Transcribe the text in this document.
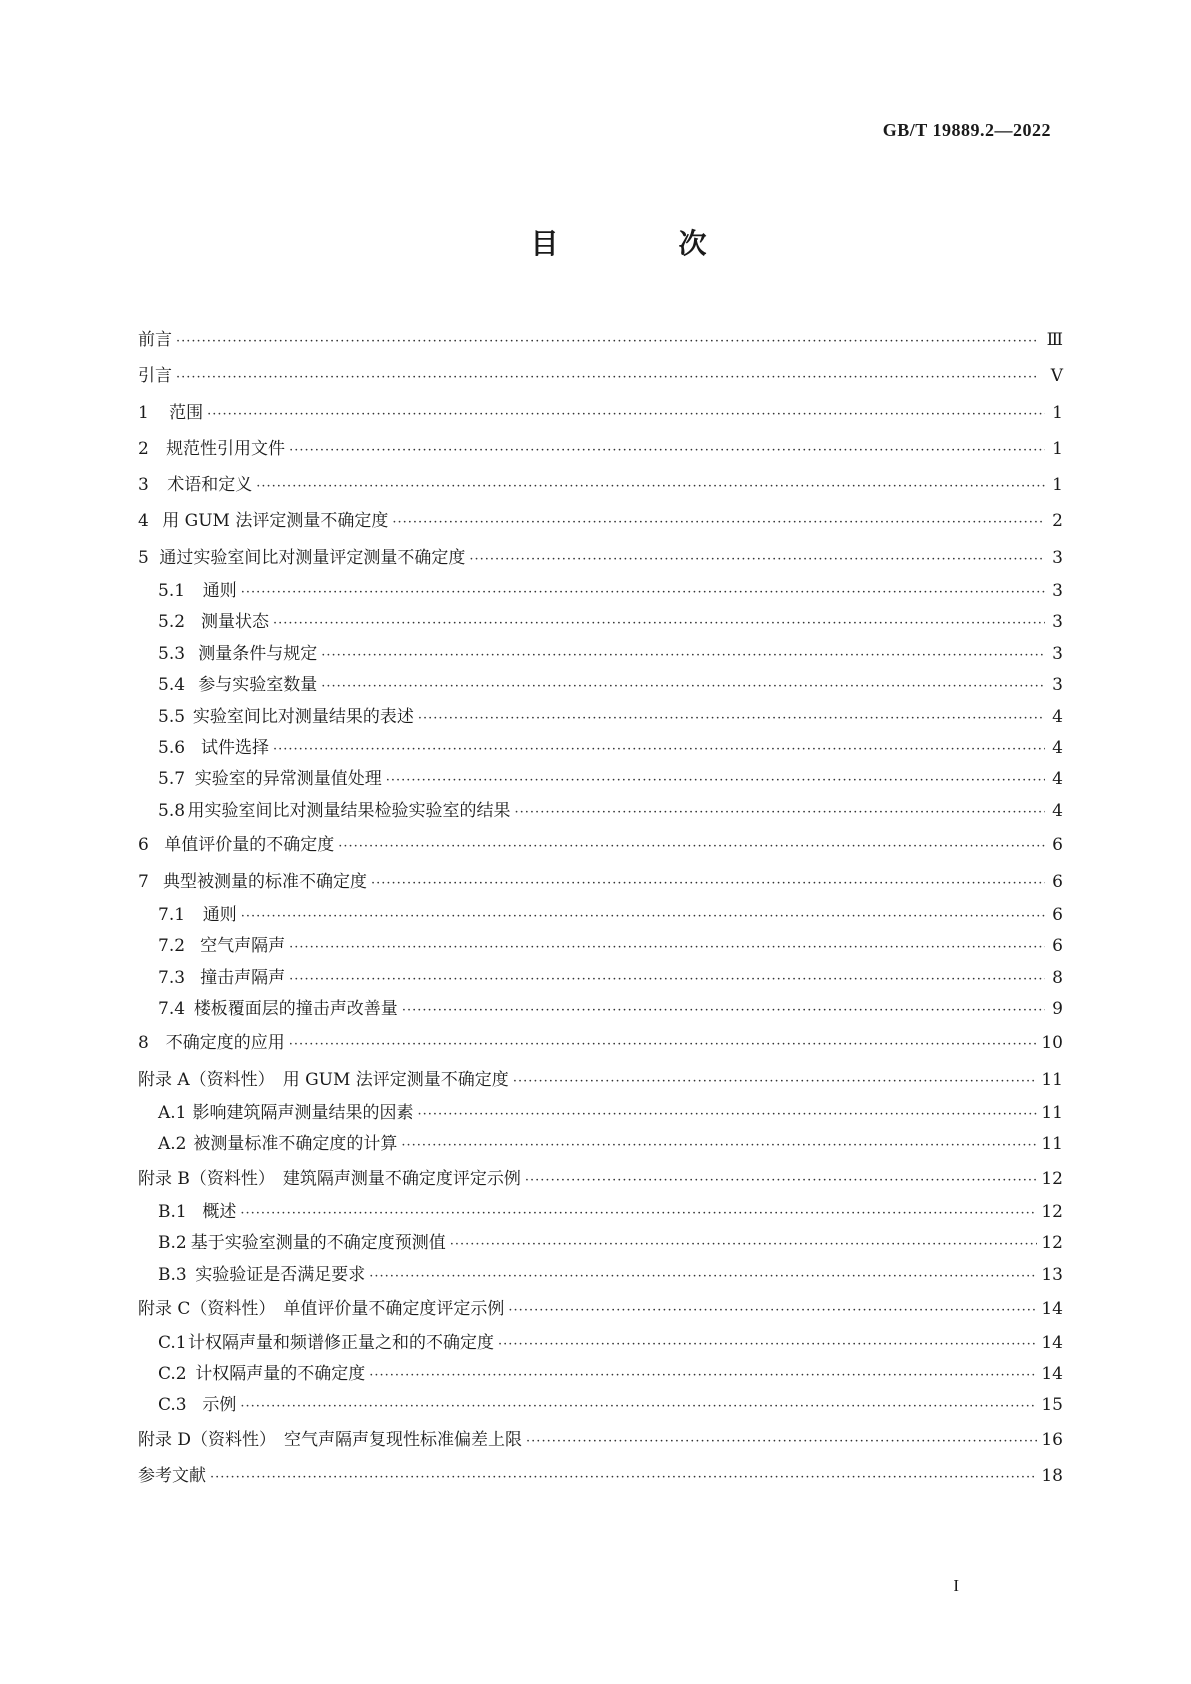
GB/T 19889.2—2022

目　次
前言 ·····	Ⅲ
引言 ·····	Ⅴ
1	范围 ·····	1
2	规范性引用文件 ·····	1
3	术语和定义 ·····	1
4 用 GUM 法评定测量不确定度 ·····	2
5 通过实验室间比对测量评定测量不确定度 ·····	3
5.1	通则 ·····	3
5.2 测量状态 ·····	3
5.3 测量条件与规定 ·····	3
5.4 参与实验室数量 ·····	3
5.5 实验室间比对测量结果的表述 ·····	4
5.6 试件选择 ·····	4
5.7 实验室的异常测量值处理 ·····	4
5.8 用实验室间比对测量结果检验实验室的结果 ·····	4
6 单值评价量的不确定度 ·····	6
7 典型被测量的标准不确定度 ·····	6
7.1	通则 ·····	6
7.2 空气声隔声 ·····	6
7.3 撞击声隔声 ·····	8
7.4 楼板覆面层的撞击声改善量 ·····	9
8 不确定度的应用 ·····	10
附录 A（资料性） 用 GUM 法评定测量不确定度 ·····	11
A.1 影响建筑隔声测量结果的因素 ·····	11
A.2 被测量标准不确定度的计算 ·····	11
附录 B（资料性） 建筑隔声测量不确定度评定示例 ·····	12
B.1 概述 ·····	12
B.2 基于实验室测量的不确定度预测值 ·····	12
B.3 实验验证是否满足要求 ·····	13
附录 C（资料性） 单值评价量不确定度评定示例 ·····	14
C.1 计权隔声量和频谱修正量之和的不确定度 ·····	14
C.2 计权隔声量的不确定度 ·····	14
C.3 示例 ·····	15
附录 D（资料性） 空气声隔声复现性标准偏差上限 ·····	16
参考文献 ·····	18

I
